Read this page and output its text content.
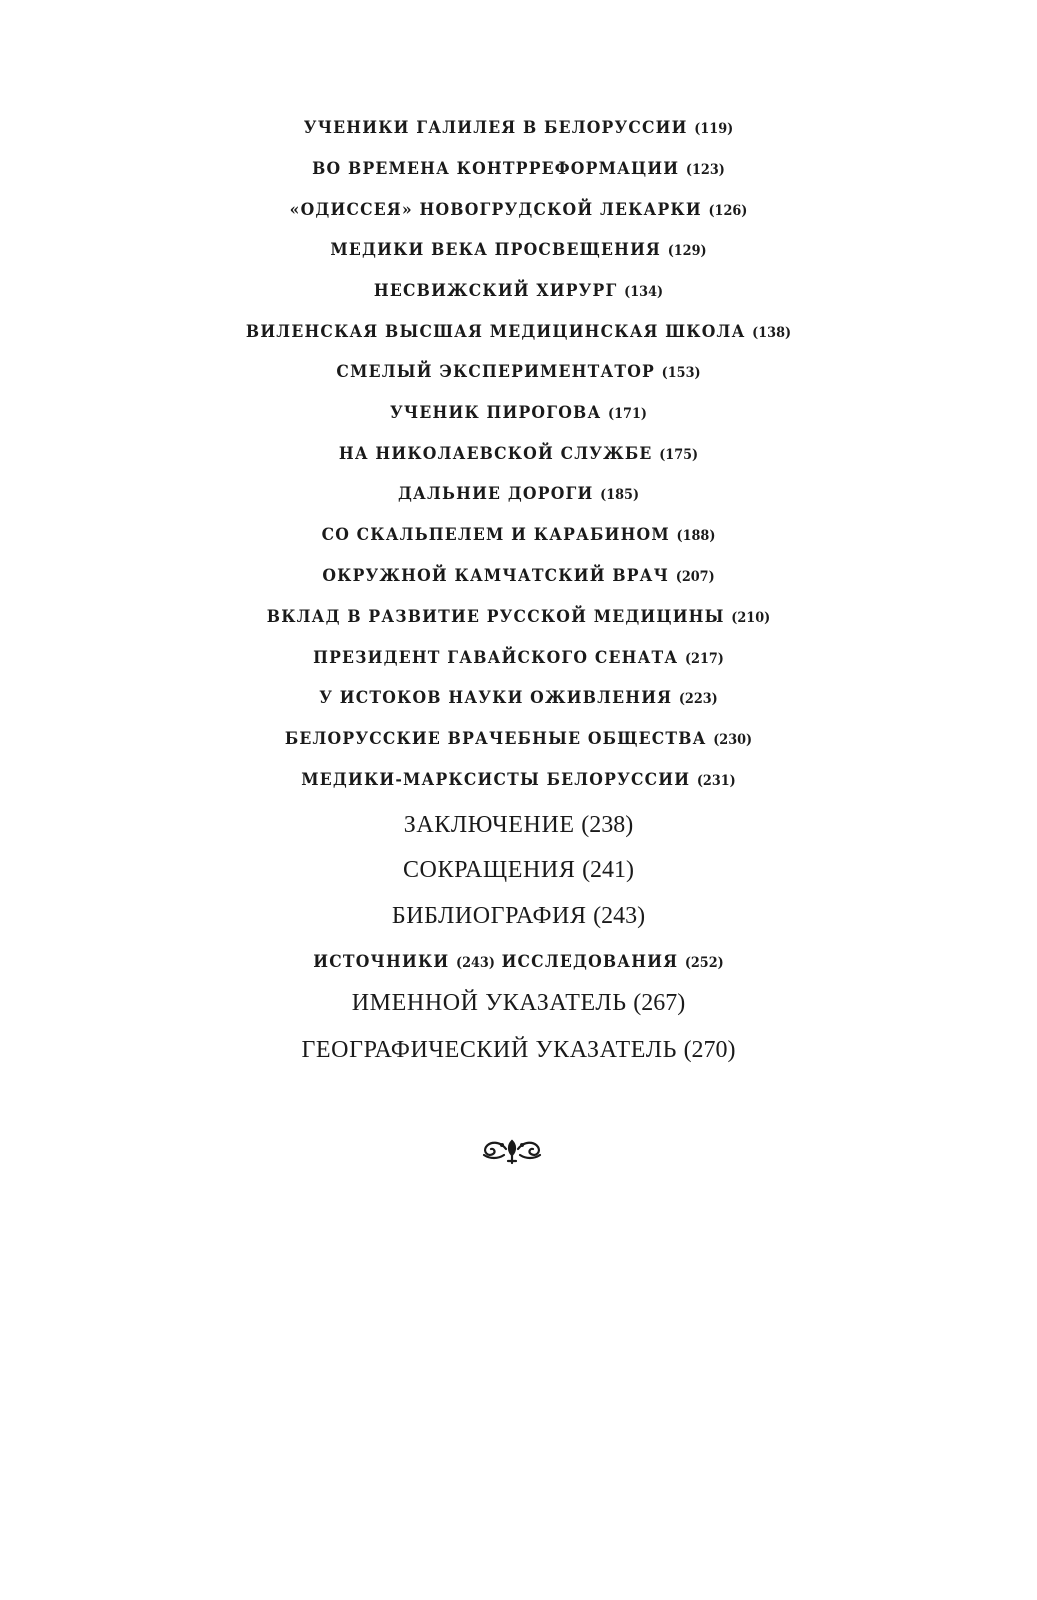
УЧЕНИКИ ГАЛИЛЕЯ В БЕЛОРУССИИ (119)
ВО ВРЕМЕНА КОНТРРЕФОРМАЦИИ (123)
«ОДИССЕЯ» НОВОГРУДСКОЙ ЛЕКАРКИ (126)
МЕДИКИ ВЕКА ПРОСВЕЩЕНИЯ (129)
НЕСВИЖСКИЙ ХИРУРГ (134)
ВИЛЕНСКАЯ ВЫСШАЯ МЕДИЦИНСКАЯ ШКОЛА (138)
СМЕЛЫЙ ЭКСПЕРИМЕНТАТОР (153)
УЧЕНИК ПИРОГОВА (171)
НА НИКОЛАЕВСКОЙ СЛУЖБЕ (175)
ДАЛЬНИЕ ДОРОГИ (185)
СО СКАЛЬПЕЛЕМ И КАРАБИНОМ (188)
ОКРУЖНОЙ КАМЧАТСКИЙ ВРАЧ (207)
ВКЛАД В РАЗВИТИЕ РУССКОЙ МЕДИЦИНЫ (210)
ПРЕЗИДЕНТ ГАВАЙСКОГО СЕНАТА (217)
У ИСТОКОВ НАУКИ ОЖИВЛЕНИЯ (223)
БЕЛОРУССКИЕ ВРАЧЕБНЫЕ ОБЩЕСТВА (230)
МЕДИКИ-МАРКСИСТЫ БЕЛОРУССИИ (231)
ЗАКЛЮЧЕНИЕ (238)
СОКРАЩЕНИЯ (241)
БИБЛИОГРАФИЯ (243)
ИСТОЧНИКИ (243) ИССЛЕДОВАНИЯ (252)
ИМЕННОЙ УКАЗАТЕЛЬ (267)
ГЕОГРАФИЧЕСКИЙ УКАЗАТЕЛЬ (270)
